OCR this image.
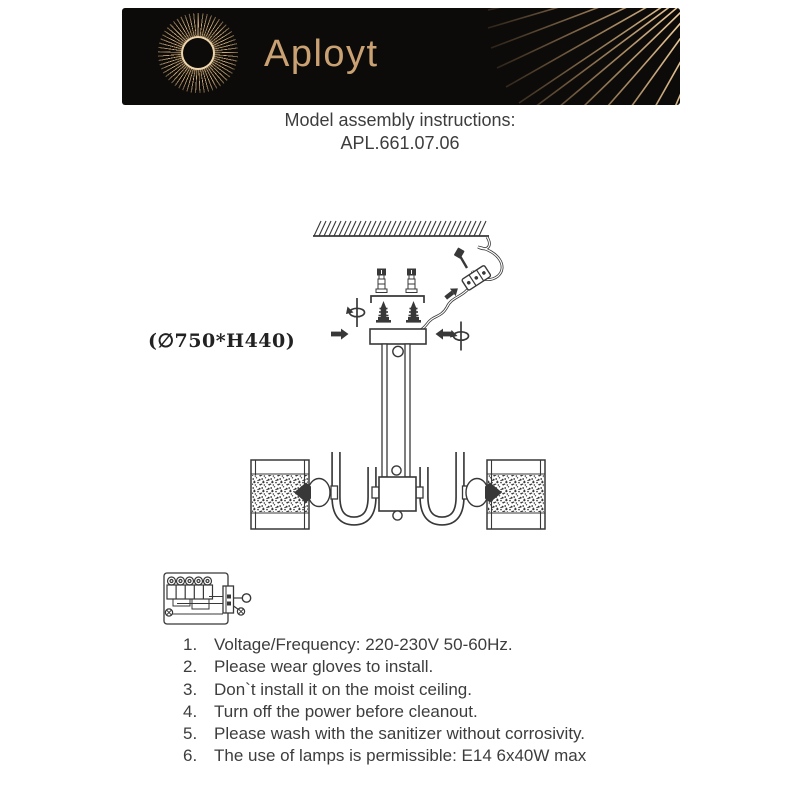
Aployt
Model assembly instructions:
APL.661.07.06
(∅750*H440)
1. Voltage/Frequency: 220-230V 50-60Hz.
2. Please wear gloves to install.
3. Don`t install it on the moist ceiling.
4. Turn off the power before cleanout.
5. Please wash with the sanitizer without corrosivity.
6. The use of lamps is permissible: E14 6x40W max
